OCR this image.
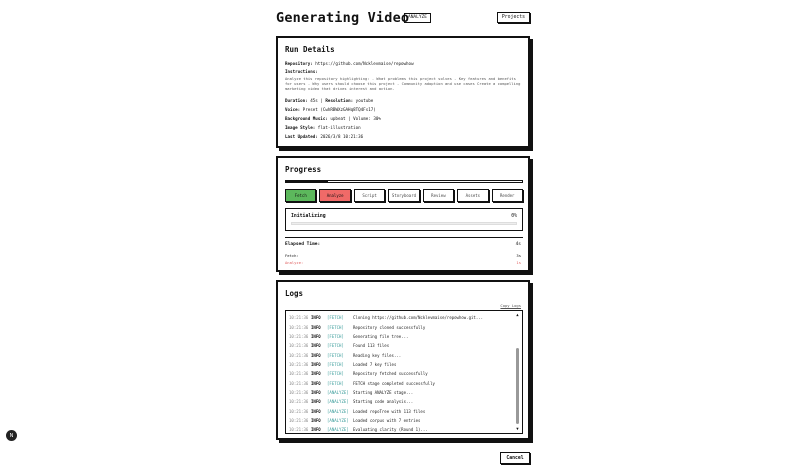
Generating Video
ANALYZE	Projects
Run Details
Repository: https://github.com/Ncklevmaise/repowhow
Instructions:
Analyze this repository highlighting: - What problems this project solves - Key features and benefits for users - Why users should choose this project - Community adoption and use cases Create a compelling marketing video that drives interest and action.
Duration: 45s | Resolution: youtube
Voice: Preset (CwhRBWXzGAHq8TQ4Fs17)
Background Music: upbeat | Volume: 30%
Image Style: flat-illustration
Last Updated: 2026/3/8 10:21:36
Progress
Fetch	Analyze	Script	Storyboard	Review	Assets	Render
Initializing	0%
Elapsed Time:	4s
Fetch:	3s
Analyze:	1s
Logs
Copy Logs
10:21:36 INFO	[FETCH]	Cloning https://github.com/Ncklevmaise/repowhow.git...
10:21:36 INFO	[FETCH]	Repository cloned successfully
10:21:36 INFO	[FETCH]	Generating file tree...
10:21:36 INFO	[FETCH]	Found 113 files
10:21:36 INFO	[FETCH]	Reading key files...
10:21:36 INFO	[FETCH]	Loaded 7 key files
10:21:36 INFO	[FETCH]	Repository fetched successfully
10:21:36 INFO	[FETCH]	FETCH stage completed successfully
10:21:36 INFO	[ANALYZE]	Starting ANALYZE stage...
10:21:36 INFO	[ANALYZE]	Starting code analysis...
10:21:36 INFO	[ANALYZE]	Loaded repoTree with 113 files
10:21:36 INFO	[ANALYZE]	Loaded corpus with 7 entries
10:21:36 INFO	[ANALYZE]	Evaluating clarity (Round 1)...
▲
▼
Cancel
N
